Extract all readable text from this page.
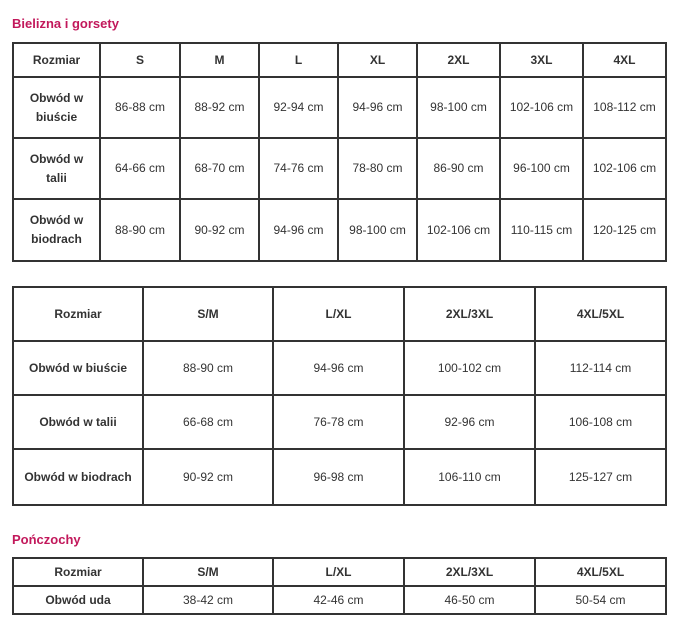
Bielizna i gorsety
Rozmiar	S	M	L	XL	2XL	3XL	4XL
Obwód w
biuście	86-88 cm	88-92 cm	92-94 cm	94-96 cm	98-100 cm	102-106 cm	108-112 cm
Obwód w
talii	64-66 cm	68-70 cm	74-76 cm	78-80 cm	86-90 cm	96-100 cm	102-106 cm
Obwód w
biodrach	88-90 cm	90-92 cm	94-96 cm	98-100 cm	102-106 cm	110-115 cm	120-125 cm
Rozmiar	S/M	L/XL	2XL/3XL	4XL/5XL
Obwód w biuście	88-90 cm	94-96 cm	100-102 cm	112-114 cm
Obwód w talii	66-68 cm	76-78 cm	92-96 cm	106-108 cm
Obwód w biodrach	90-92 cm	96-98 cm	106-110 cm	125-127 cm
Pończochy
Rozmiar	S/M	L/XL	2XL/3XL	4XL/5XL
Obwód uda	38-42 cm	42-46 cm	46-50 cm	50-54 cm
